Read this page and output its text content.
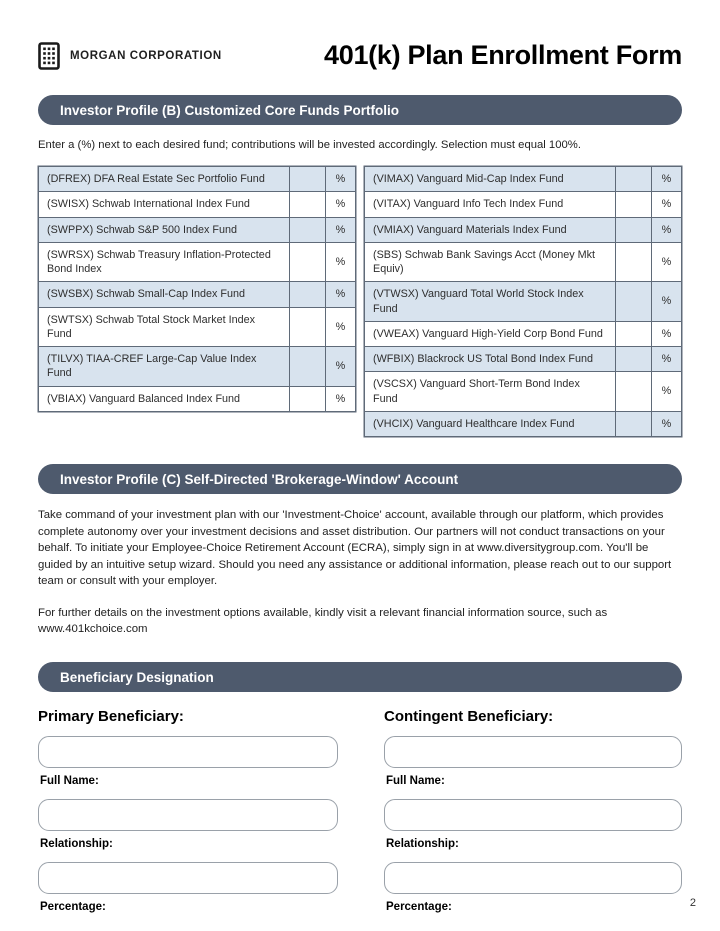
MORGAN CORPORATION	401(k) Plan Enrollment Form
Investor Profile (B) Customized Core Funds Portfolio
Enter a (%) next to each desired fund; contributions will be invested accordingly. Selection must equal 100%.
(DFREX) DFA Real Estate Sec Portfolio Fund		%
(SWISX) Schwab International Index Fund		%
(SWPPX) Schwab S&P 500 Index Fund		%
(SWRSX) Schwab Treasury Inflation-Protected Bond Index		%
(SWSBX) Schwab Small-Cap Index Fund		%
(SWTSX) Schwab Total Stock Market Index Fund		%
(TILVX) TIAA-CREF Large-Cap Value Index Fund		%
(VBIAX) Vanguard Balanced Index Fund		%
(VIMAX) Vanguard Mid-Cap Index Fund		%
(VITAX) Vanguard Info Tech Index Fund		%
(VMIAX) Vanguard Materials Index Fund		%
(SBS) Schwab Bank Savings Acct (Money Mkt Equiv)		%
(VTWSX) Vanguard Total World Stock Index Fund		%
(VWEAX) Vanguard High-Yield Corp Bond Fund		%
(WFBIX) Blackrock US Total Bond Index Fund		%
(VSCSX) Vanguard Short-Term Bond Index Fund		%
(VHCIX) Vanguard Healthcare Index Fund		%
Investor Profile (C) Self-Directed 'Brokerage-Window' Account
Take command of your investment plan with our 'Investment-Choice' account, available through our platform, which provides complete autonomy over your investment decisions and asset distribution. Our partners will not conduct transactions on your behalf. To initiate your Employee-Choice Retirement Account (ECRA), simply sign in at www.diversitygroup.com. You'll be guided by an intuitive setup wizard. Should you need any assistance or additional information, please reach out to our support team or consult with your employer.
For further details on the investment options available, kindly visit a relevant financial information source, such as www.401kchoice.com
Beneficiary Designation
Primary Beneficiary:
Full Name:
Relationship:
Percentage:
Contingent Beneficiary:
Full Name:
Relationship:
Percentage:	2
